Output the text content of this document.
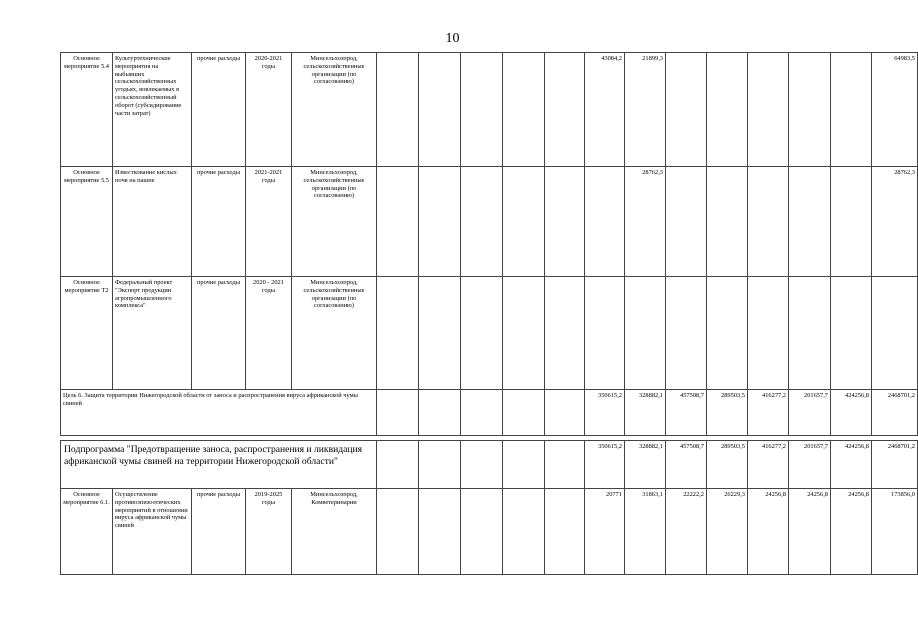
10
Основное мероприятие 5.4	Культуртехнические мероприятия на выбывших сельскохозяйственных угодьях, вовлекаемых в сельскохозяйственный оборот (субсидирование части затрат)	прочие расходы	2020-2021 годы	Минсельхозпрод, сельскохозяйственные организации (по согласованию)						43084,2	21899,3						64983,5
Основное мероприятие 5.5	Известкование кислых почв на пашне	прочие расходы	2021-2021 годы	Минсельхозпрод, сельскохозяйственные организации (по согласованию)							28762,3						28762,3
Основное мероприятие T2	Федеральный проект "Экспорт продукции агропромышленного комплекса"	прочие расходы	2020 - 2021 годы	Минсельхозпрод, сельскохозяйственные организации (по согласованию)													
Цель 6. Защита территории Нижегородской области от заноса и распространения вируса африканской чумы свиней										350615,2	328882,1	457508,7	289503,5	416277,2	201657,7	424256,8	2468701,2

Подпрограмма "Предотвращение заноса, распространения и ликвидация африканской чумы свиней на территории Нижегородской области"										350615,2	328882,1	457508,7	289503,5	416277,2	201657,7	424256,8	2468701,2
Основное мероприятие 6.1.	Осуществление противоэпизоотических мероприятий в отношении вируса африканской чумы свиней	прочие расходы	2019-2025 годы	Минсельхозпрод, Комветеринарии						20771	31863,1	22222,2	26229,3	24256,8	24256,8	24256,8	173856,0
